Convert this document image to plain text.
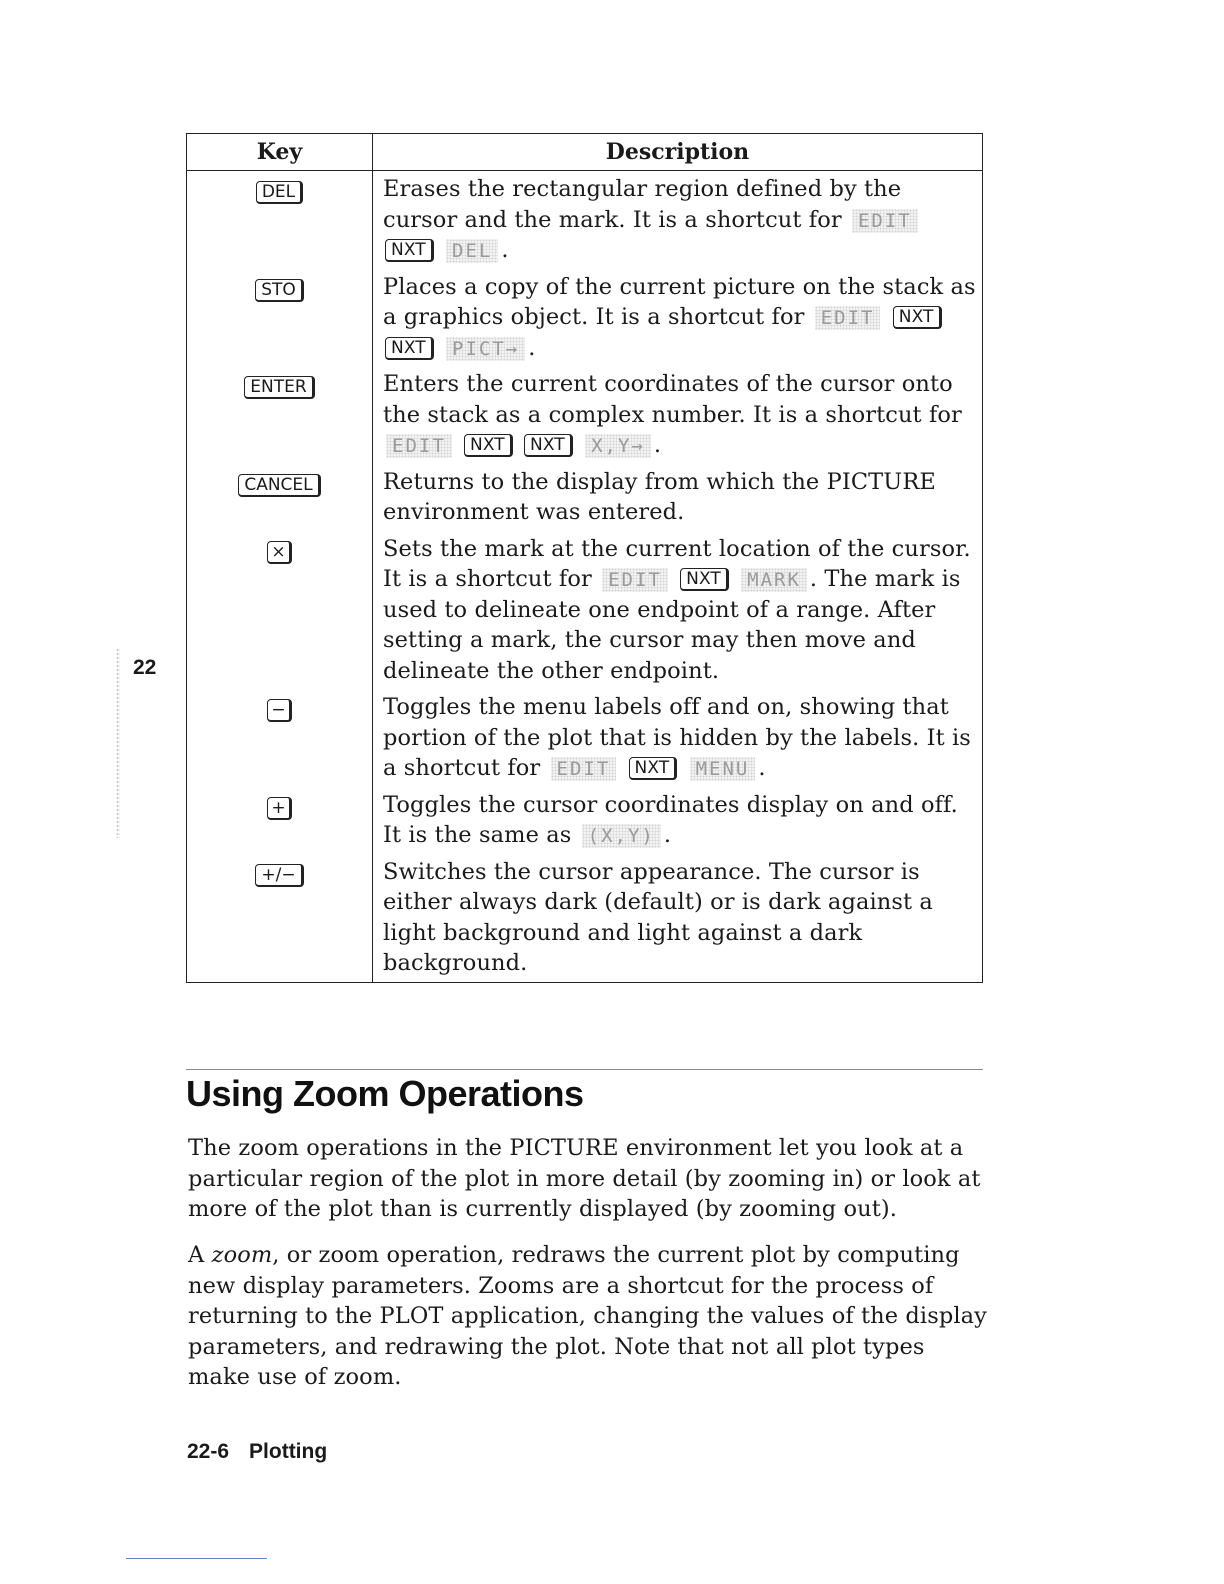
Key	Description
DEL	Erases the rectangular region defined by the cursor and the mark. It is a shortcut for EDIT NXT DEL .
STO	Places a copy of the current picture on the stack as a graphics object. It is a shortcut for EDIT NXT NXT PICT→ .
ENTER	Enters the current coordinates of the cursor onto the stack as a complex number. It is a shortcut for EDIT NXT NXT X,Y→ .
CANCEL	Returns to the display from which the PICTURE environment was entered.
×	Sets the mark at the current location of the cursor. It is a shortcut for EDIT NXT MARK . The mark is used to delineate one endpoint of a range. After setting a mark, the cursor may then move and delineate the other endpoint.
−	Toggles the menu labels off and on, showing that portion of the plot that is hidden by the labels. It is a shortcut for EDIT NXT MENU .
+	Toggles the cursor coordinates display on and off. It is the same as (X,Y) .
+/−	Switches the cursor appearance. The cursor is either always dark (default) or is dark against a light background and light against a dark background.
22
Using Zoom Operations

The zoom operations in the PICTURE environment let you look at a particular region of the plot in more detail (by zooming in) or look at more of the plot than is currently displayed (by zooming out).

A zoom, or zoom operation, redraws the current plot by computing new display parameters. Zooms are a shortcut for the process of returning to the PLOT application, changing the values of the display parameters, and redrawing the plot. Note that not all plot types make use of zoom.

22-6 Plotting
